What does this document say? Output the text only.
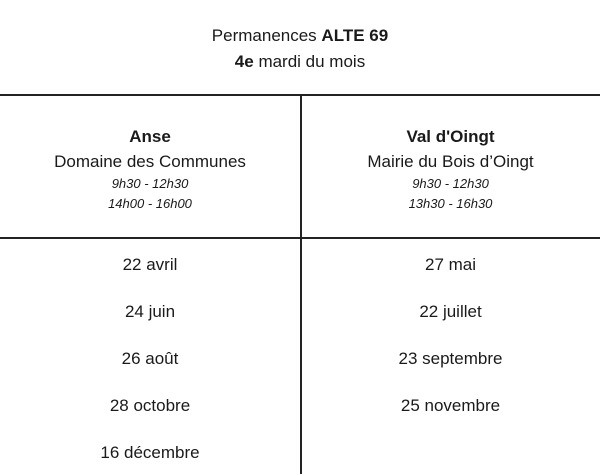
Permanences ALTE 69
4e mardi du mois
Anse
Domaine des Communes
9h30 - 12h30
14h00 - 16h00
Val d'Oingt
Mairie du Bois d’Oingt
9h30 - 12h30
13h30 - 16h30
22 avril
24 juin
26 août
28 octobre
16 décembre
27 mai
22 juillet
23 septembre
25 novembre
